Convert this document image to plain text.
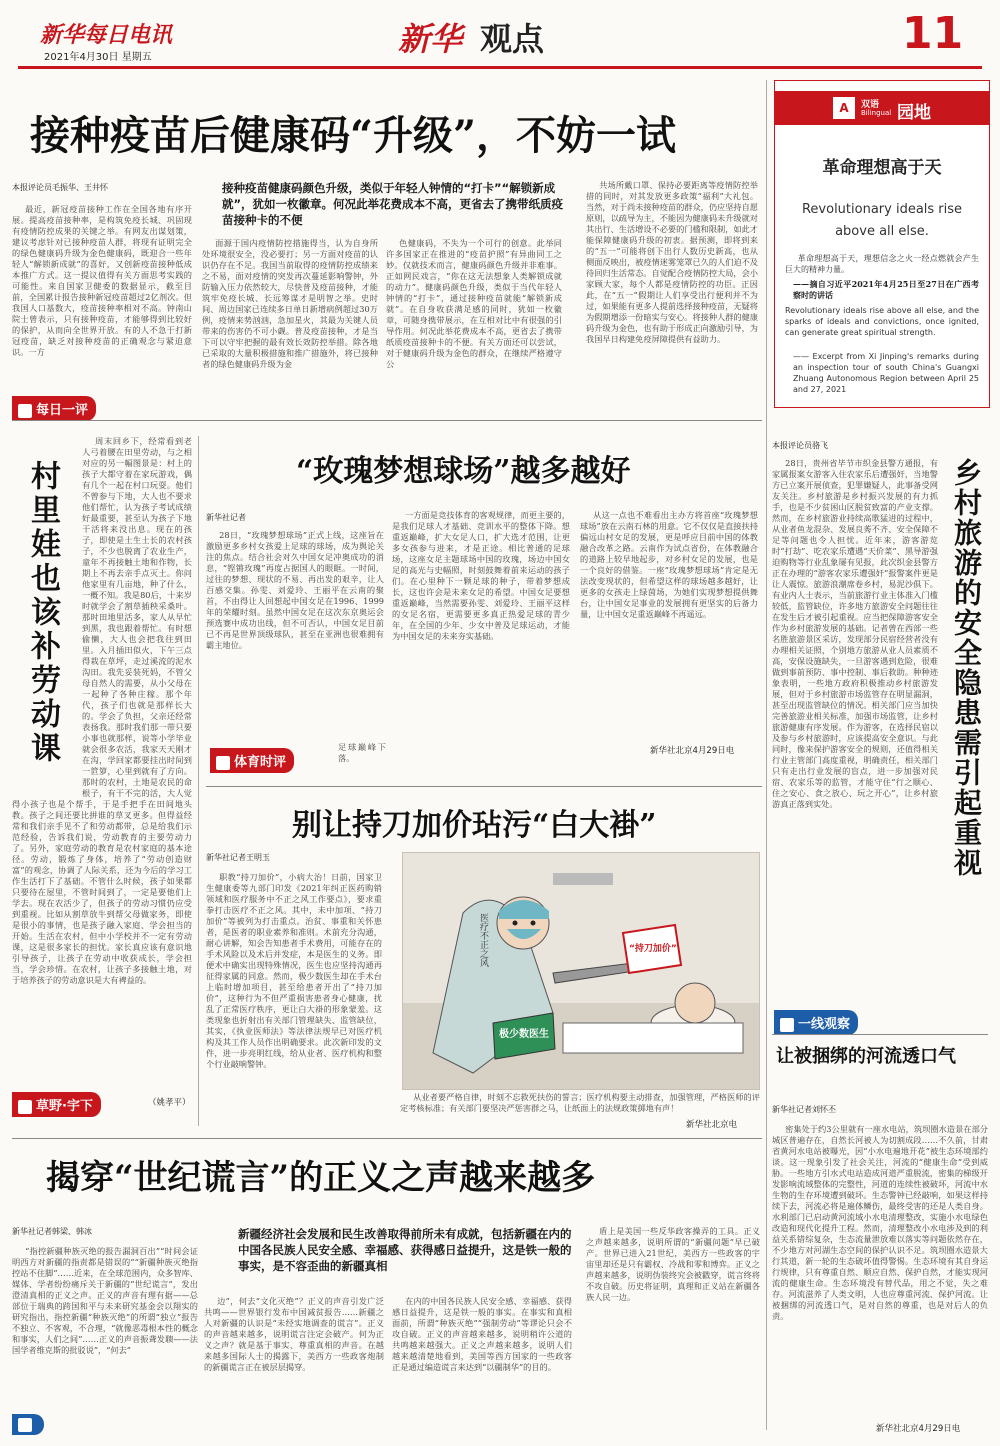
新华每日电讯
2021年4月30日 星期五	新华 观点	11
接种疫苗后健康码“升级”，不妨一试
本报评论员毛振华、王井怀

最近，新冠疫苗接种工作在全国各地有序开展。提高疫苗接种率，是构筑免疫长城、巩固现有疫情防控成果的关键之举。有网友出谋划策，建议考虑针对已接种疫苗人群，将现有证明完全的绿色健康码升级为金色健康码，既迎合一些年轻人“解锁新成就”的喜好，又创新疫苗接种低成本推广方式。这一提议值得有关方面思考实践的可能性。来自国家卫健委的数据显示，截至目前，全国累计报告接种新冠疫苗超过2亿剂次。但我国人口基数大，疫苗接种率相对不高。钟南山院士曾表示，只有接种疫苗，才能够得到比较好的保护，从而向全世界开放。有的人不急于打新冠疫苗，缺乏对接种疫苗的正确观念与紧迫意识。一方

接种疫苗健康码颜色升级，类似于年轻人钟情的“打卡”“解锁新成就”，犹如一枚徽章。何况此举花费成本不高，更省去了携带纸质疫苗接种卡的不便

面源于国内疫情防控措施得当，认为自身所处环境很安全，没必要打；另一方面对疫苗的认识仍存在不足。我国当前取得的疫情防控成绩来之不易，面对疫情的突发再次蔓延影响警钟，外防输入压力依然较大，尽快普及疫苗接种，才能筑牢免疫长城、长远筹谋才是明智之举。史时间、周边国家已连续多日单日新增病例超过30万例，疫情来势汹汹，急加星火，其最为关键人员带来的伤害仍不可小觑。普及疫苗接种，才是当下可以守牢把握的最有效长效防控举措。除各地已采取的大量积极措施和推广措施外，将已接种者的绿色健康码升级为金

色健康码，不失为一个可行的创意。此举同许多国家正在推进的“疫苗护照”有异曲同工之妙。仅就技术而言，健康码颜色升级并非难事。正如网民戏言，“你在这无法想象人类解锁成就的动力”。健康码颜色升级，类似于当代年轻人钟情的“打卡”，通过接种疫苗就能“解锁新成就”。在自身收获满足感的同时，犹如一枚徽章，可随身携带展示，在互相对比中有很强的引导作用。何况此举花费成本不高，更省去了携带纸质疫苗接种卡的不便。有关方面还可以尝试，对于健康码升级为金色的群众，在继续严格遵守公

共场所戴口罩、保持必要距离等疫情防控举措的同时，对其发放更多政策“福利”大礼包。当然，对于尚未接种疫苗的群众，仍应坚持自愿原则，以疏导为主，不能因为健康码未升级就对其出行、生活增设不必要的门槛和限制，如此才能保障健康码升级的初衷。据预测，即将到来的“五一”可能将创下出行人数历史新高，也从侧面反映出，被疫情迷雾笼罩已久的人们迫不及待回归生活常态。自觉配合疫情防控大局，会小家顾大家，每个人都是疫情防控的功臣。正因此，在“五一”假期让人们享受出行便利并不为过，如果能有更多人提前选择接种疫苗，无疑将为假期增添一份暗实与安心。将接种人群的健康码升级为金色，也有助于形成正向激励引导，为我国早日构建免疫屏障提供有益助力。

每日一评
A	双语
Bilingual 园地
革命理想高于天
Revolutionary ideals rise above all else.
革命理想高于天，理想信念之火一经点燃就会产生巨大的精神力量。
——摘自习近平2021年4月25日至27日在广西考察时的讲话
Revolutionary ideals rise above all else, and the sparks of ideals and convictions, once ignited, can generate great spiritual strength.
—— Excerpt from Xi Jinping's remarks during an inspection tour of south China's Guangxi Zhuang Autonomous Region between April 25 and 27, 2021
村里娃也该补劳动课

周末回乡下，经常看到老人弓着腰在田里劳动，与之相对应的另一幅图景是：村上的孩子大都守着在家玩游戏，偶有几个一起在村口玩耍。他们不曾参与下地，大人也不要求他们帮忙，认为孩子考试成绩好最重要，甚至认为孩子下地干活将来没出息。现在的孩子，即使是土生土长的农村孩子，不少也脱离了农业生产，童年不再接触土地和作物，长期上不再去亲手点灭土。你问他家里有几亩地，种了什么，一概不知。我是80后，十来岁时就学会了割草插秧采桑叶。那时田地里活多，家人从早忙到黑，我也跟着帮忙。有时想偷懒，大人也会把我往到田里。入月插田似火，下午三点得栽在草坪，走过溪流的泥水沟田。我先妥装死妈，不管父母自然人的需要，从小父母在一起种了各种庄稼。那个年代，孩子们也就是那样长大的。学会了负担，父亲还经常表扬我。那时我们那一带只要小事也就那样，说等小学毕业就会很多农活，我家天天刚才在沟，学回家都要挂出时间到一笸箩，心里到就有了方向。那时的农村，土地是农民的命根子，有干不完的活，大人觉得小孩子也是个帮手，于是手把手在田间地头教。孩子之间还要比拼谁的草叉更多。但得益经常和我们亲手见不了和劳动都带，总是给我们示范经验，告诉我们说，劳动教育的主要劳动力了。另外，家庭劳动的教育是农村家庭的基本途径。劳动，锻炼了身体，培养了“劳动创造财富”的观念，协调了人际关系，还为今后的学习工作生活打下了基础。不管什么时候，孩子如果都只要待在屋里，不管时间到了，一定是要他们上学去。现在农活少了，但孩子的劳动习惯仍应受到重视。比如从割草放牛到帮父母做家务，即使是很小的事情，也是孩子融入家庭、学会担当的开始。生活在农村，但中小学校并不一定有劳动课，这是很多家长的担忧。家长真应该有意识地引导孩子，让孩子在劳动中收获成长，学会担当，学会珍惜。在农村，让孩子多接触土地，对于培养孩子的劳动意识是大有裨益的。

（姚孝平）
草野·宇下
“玫瑰梦想球场”越多越好
新华社记者

28日，“玫瑰梦想球场”正式上线，这座旨在激励更多乡村女孩爱上足球的球场，成为舆论关注的焦点。结合社会对久中国女足冲奥成功的消息，“铿锵玫瑰”再度占据国人的眼眶。一时间，过往的梦想、现状的不易、再出发的艰辛，让人百感交集。孙雯、刘爱玲、王丽平在云南的聚首，不由得让人回想起中国女足在1996、1999年的荣耀时刻。虽然中国女足在这次东京奥运会预选赛中成功出线，但不可否认，中国女足目前已不再是世界顶级球队，甚至在亚洲也很难拥有霸主地位。

一方面是竞技体育的客观规律，而更主要的，是我们足球人才基础、竞训水平的整体下降。想重返巅峰，扩大女足人口，扩大选才范围，让更多女孩参与进来，才是正途。相比普通的足球场，这座女足主题球场中国的玫瑰，场边中国女足的高光与史幅照，时刻鼓舞着前来运动的孩子们。在心里种下一颗足球的种子，带着梦想成长，这也许会是未来女足的希望。中国女足要想重返巅峰，当然需要孙雯、刘爱玲、王丽平这样的女足名宿，更需要更多真正热爱足球的青少年，在全国的少年、少女中普及足球运动，才能为中国女足的未来夯实基础。

从这一点也不难看出主办方将首座“玫瑰梦想球场”放在云南石林的用意。它不仅仅是直接扶持偏远山村女足的发展，更是呼应目前中国的体教融合改革之路。云南作为试点省份，在体教融合的道路上较早地起步，对乡村女足的发展，也是一个良好的借鉴。一座“玫瑰梦想球场”肯定是无法改变现状的，但希望这样的球场越多越好，让更多的女孩走上绿茵场，为她们实现梦想提供舞台，让中国女足事业的发展拥有更坚实的后备力量，让中国女足重返巅峰不再遥远。

体育时评
足球巅峰下落。
新华社北京4月29日电
别让持刀加价玷污“白大褂”
新华社记者王明玉

职教“持刀加价”，小病大治！日前，国家卫生健康委等九部门印发《2021年纠正医药购销领域和医疗服务中不正之风工作要点》，要求重拳打击医疗不正之风。其中，未中加项、“持刀加价”等被列为打击重点。治贫、事重和关怀患者，是医者的职业素养和准则。术前充分沟通，耐心讲解，知会告知患者手术费用，可能存在的手术风险以及术后并发症，本是医生的义务。即便术中确实出现特殊情况，医生也应坚持沟通再征得家属的同意。然而，极少数医生却在手术台上临时增加项目，甚至给患者开出了“持刀加价”，这种行为不但严重损害患者身心健康，扰乱了正常医疗秩序，更让白大褂的形象蒙羞。这类现象也折射出有关部门管理缺失、监管缺位，其实，《执业医师法》等法律法规早已对医疗机构及其工作人员作出明确要求。此次新印发的文件，进一步亮明红线，给从业者、医疗机构和整个行业敲响警钟。

医疗不正之风
极少数医生
“持刀加价”
从业者要严格自律，时刻不忘救死扶伤的誓言；医疗机构要主动排查，加强管理，严格医师的评定考核标准；有关部门要坚决严惩害群之马，让纸面上的法规政策掷地有声！
新华社北京电
本报评论员骆飞
乡村旅游的安全隐患需引起重视

28日，贵州省毕节市织金县警方通报，有家属报案女游客入住农家乐后遭强奸，当地警方已立案开展侦查，犯罪嫌疑人，此事备受网友关注。乡村旅游是乡村振兴发展的有力抓手，也是不少贫困山区脱贫致富的产业支撑。然而，在乡村旅游业持续高歌猛进的过程中，从业者鱼龙混杂、发展良莠不齐、安全保障不足等问题也令人担忧。近年来，游客游览时“打劫”、吃农家乐遭遇“天价菜”、黑导游强迫购物等行业乱象屡有见报，此次织金县警方正在办理的“游客农家乐遭强奸”报警案件更是让人震惊。旅游浪潮席卷乡村，易泥沙俱下。有业内人士表示，当前旅游行业主体准入门槛较低，监管缺位，许多地方旅游安全问题往往在发生后才被引起重视。应当把保障游客安全作为乡村旅游发展的基础。记者曾在西部一些名胜旅游景区采访，发现部分民宿经营者没有办理相关证照，个别地方旅游从业人员素质不高，安保设施缺失，一旦游客遇到危险，很难做到事前预防、事中控制、事后救助。种种迹象表明，一些地方政府积极推动乡村旅游发展，但对于乡村旅游市场监管存在明显漏洞，甚至出现监管缺位的情况。相关部门应当加快完善旅游业相关标准，加强市场监管，让乡村旅游健康有序发展。作为游客，在选择民宿以及参与乡村旅游时，应该提高安全意识。与此同时，像来保护游客安全的规则，还值得相关行业主管部门高度重视，明确责任，相关部门只有走出行业发展的盲点，进一步加强对民宿、农家乐等的监管，才能守住“行之顺心、住之安心、食之放心、玩之开心”，让乡村旅游真正落到实处。

一线观察
让被捆绑的河流透口气
新华社记者刘怀丕

密集处于约3公里就有一座水电站，筑坝圈水造景在部分城区普遍存在，自然长河被人为切割成段……不久前，甘肃省黄河水电站被曝光，因“小水电遍地开花”被生态环境部约谈。这一现象引发了社会关注，河流的“健康生命”受到威胁。一些地方引水式电站造成河道严重脱流，密集的梯级开发影响流域整体的完整性，河道的连续性被破坏，河流中水生物的生存环境遭到破坏。生态警钟已经敲响，如果这样持续下去，河流必将是遍体鳞伤，最终受害的还是人类自身。水利部门已启动黄河流域小水电清理整改，实施小水电绿色改造和现代化提升工程。然而，清理整改小水电涉及到的利益关系错综复杂，生态流量泄放难以落实等问题依然存在，不少地方对河湖生态空间的保护认识不足。筑坝圈水造景大行其道，新一轮的生态破坏值得警惕。生态环境有其自身运行规律，只有尊重自然、顺应自然、保护自然，才能实现河流的健康生命。生态环境没有替代品，用之不觉，失之难存。河流滋养了人类文明，人也应尊重河流、保护河流。让被捆绑的河流透口气，是对自然的尊重，也是对后人的负责。

新华社北京4月29日电
揭穿“世纪谎言”的正义之声越来越多
新华社记者韩梁、韩冰	新疆经济社会发展和民生改善取得前所未有成就，包括新疆在内的中国各民族人民安全感、幸福感、获得感日益提升，这是铁一般的事实，是不容歪曲的新疆真相

“指控新疆种族灭绝的报告漏洞百出”“时间会证明西方对新疆的指责都是错误的”“新疆种族灭绝指控站不住脚”……近来，在全球范围内，众多智库、媒体、学者纷纷痛斥关于新疆的“世纪谎言”，发出澄清真相的正义之声。正义的声音有理有据——总部位于瑞典的跨国和平与未来研究基金会以翔实的研究指出，指控新疆“种族灭绝”的所谓“独立”报告不独立、不客观，不合理，“就像恶毒根本性的概念和事实，人们之间”……正义的声音振聋发聩——法国学者维克斯的批驳说”，“何去”

边”，何去“文化灭绝”？正义的声音引发广泛共鸣——世界银行发布中国减贫报告……新疆之人对新疆的认识是“未经实地调查的谎言”。正义的声音越来越多，说明谎言注定会破产。何为正义之声？就是基于事实、尊重真相的声音。在越来越多国际人士的揭露下，美西方一些政客炮制的新疆谎言正在被层层揭穿。

在内的中国各民族人民安全感、幸福感、获得感日益提升，这是铁一般的事实。在事实和真相面前，所谓“种族灭绝”“强制劳动”等谬论只会不攻自破。正义的声音越来越多，说明稍许公道的共鸣越来越强大。正义之声越来越多，说明人们越来越清楚地看到，美国等西方国家的一些政客正是通过编造谎言来达到“以疆制华”的目的。

盾上是美国一些反华政客操弄的工具。正义之声越来越多，说明所谓的“新疆问题”早已破产。世界已进入21世纪，美西方一些政客的宇宙里却还是只有霸权、冷战和零和博弈。正义之声越来越多，说明伪装终究会被戳穿，谎言终将不攻自破。历史将证明，真理和正义站在新疆各族人民一边。
